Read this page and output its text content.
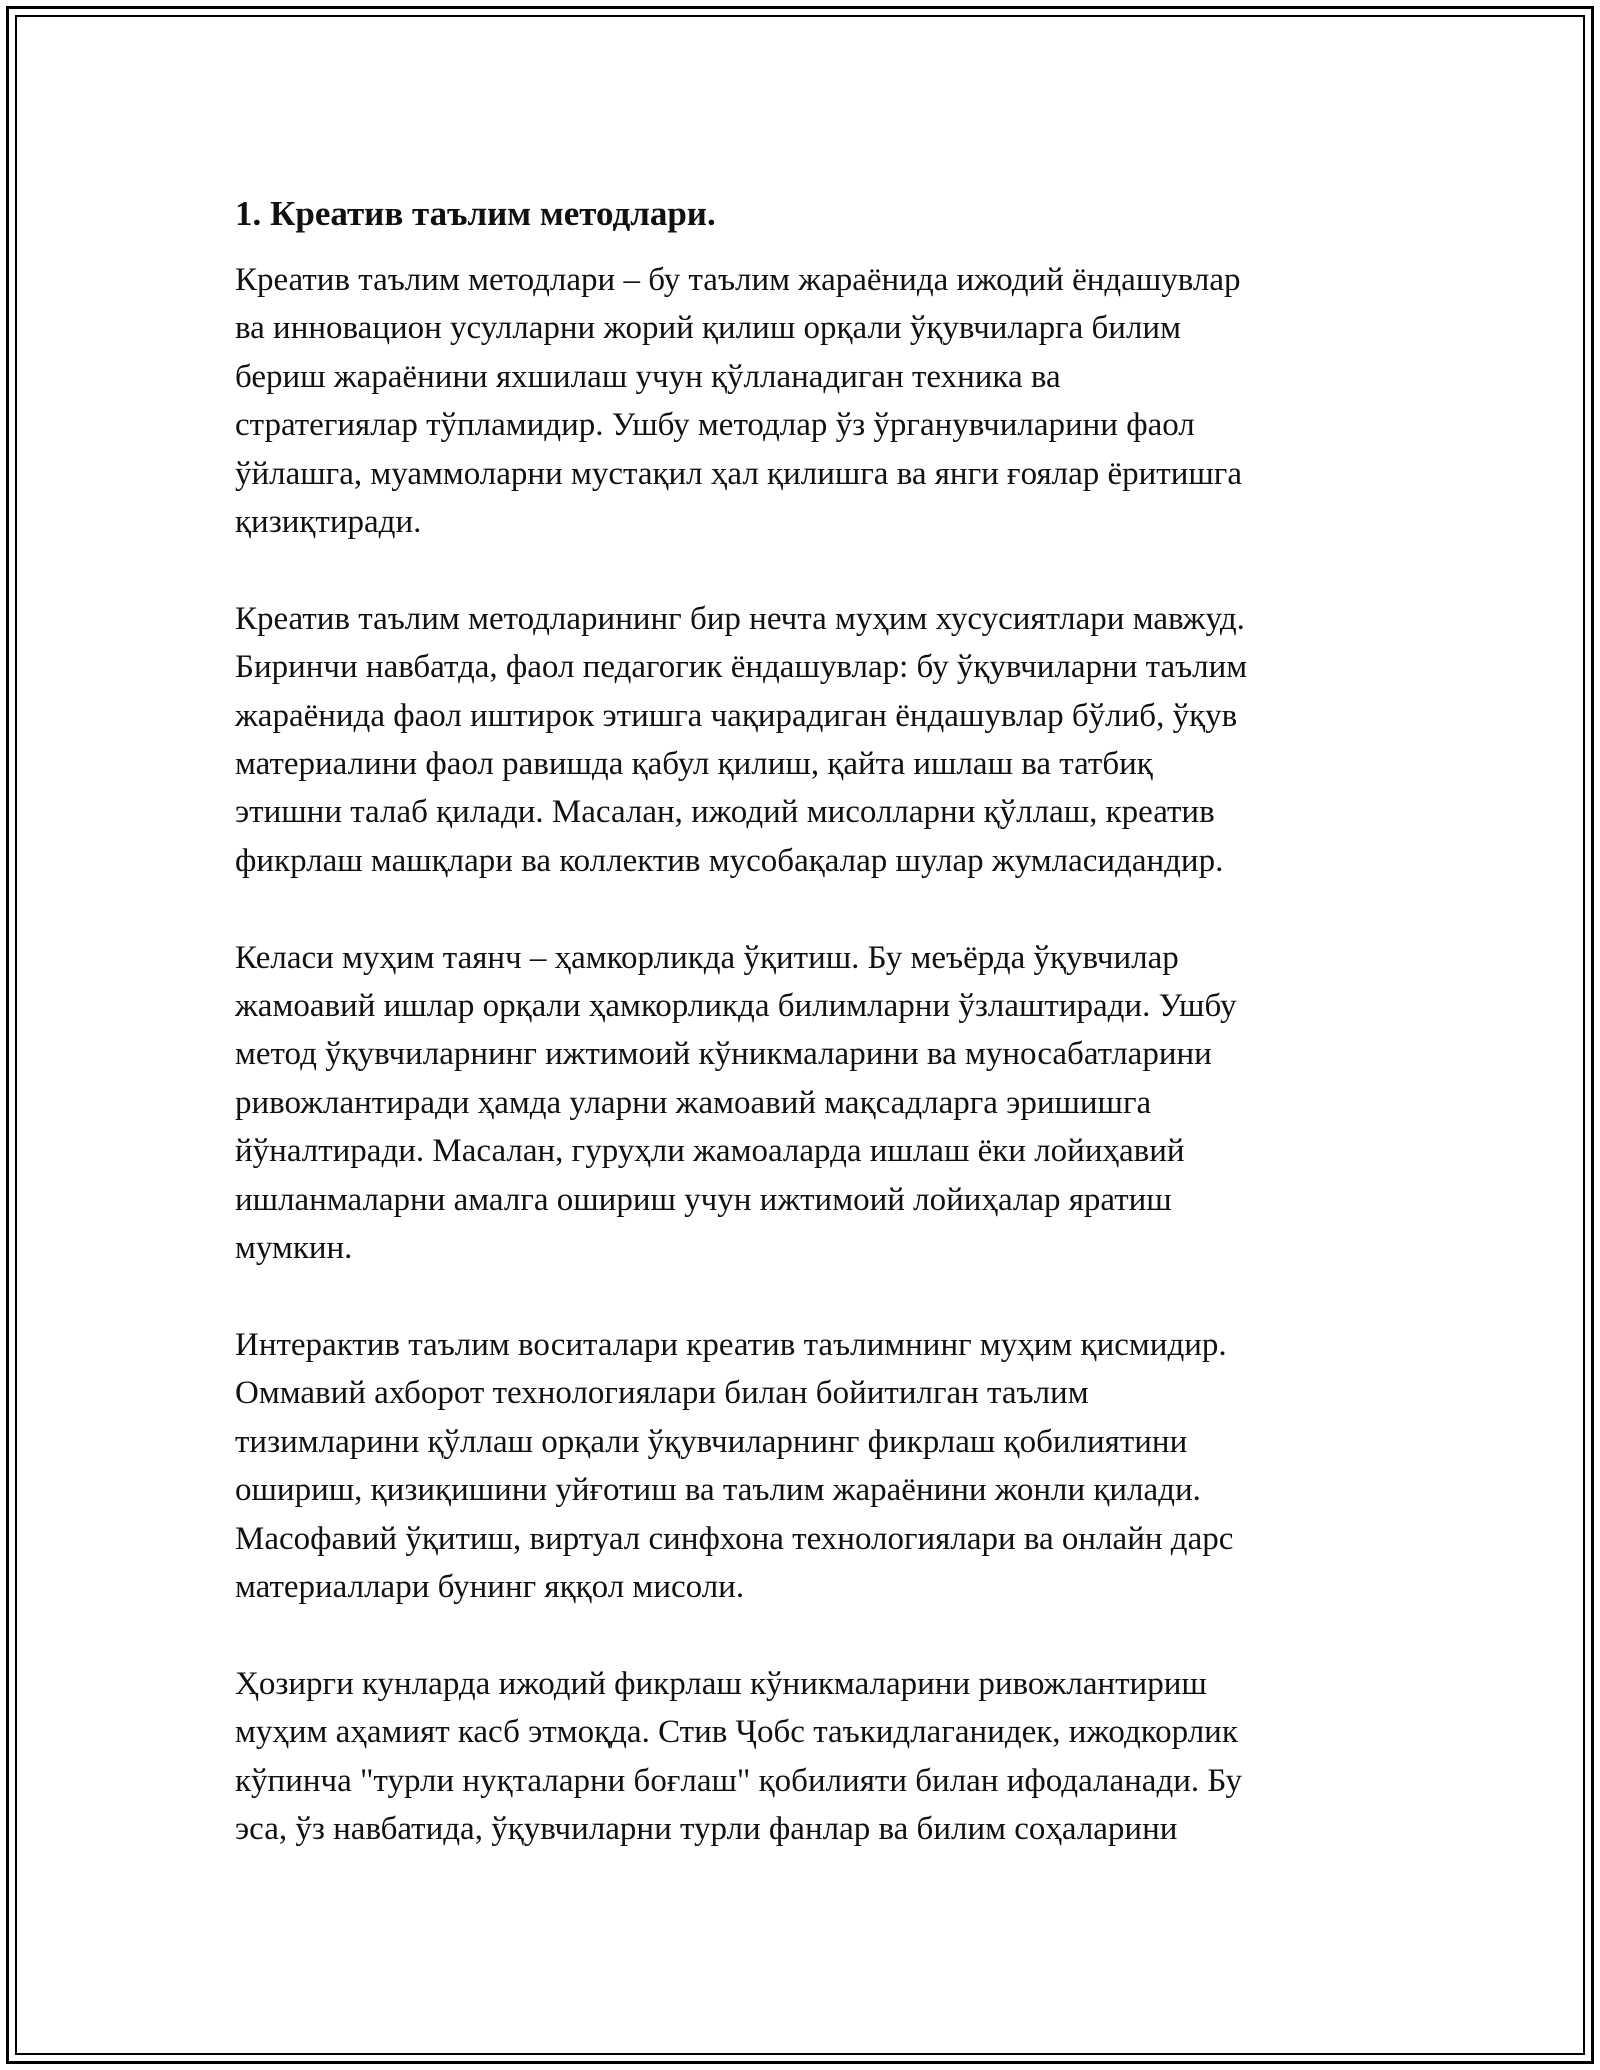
1. Креатив таълим методлари.

Креатив таълим методлари – бу таълим жараёнида ижодий ёндашувлар
ва инновацион усулларни жорий қилиш орқали ўқувчиларга билим
бериш жараёнини яхшилаш учун қўлланадиган техника ва
стратегиялар тўпламидир. Ушбу методлар ўз ўрганувчиларини фаол
ўйлашга, муаммоларни мустақил ҳал қилишга ва янги ғоялар ёритишга
қизиқтиради.

Креатив таълим методларининг бир нечта муҳим хусусиятлари мавжуд.
Биринчи навбатда, фаол педагогик ёндашувлар: бу ўқувчиларни таълим
жараёнида фаол иштирок этишга чақирадиган ёндашувлар бўлиб, ўқув
материалини фаол равишда қабул қилиш, қайта ишлаш ва татбиқ
этишни талаб қилади. Масалан, ижодий мисолларни қўллаш, креатив
фикрлаш машқлари ва коллектив мусобақалар шулар жумласидандир.

Келаси муҳим таянч – ҳамкорликда ўқитиш. Бу меъёрда ўқувчилар
жамоавий ишлар орқали ҳамкорликда билимларни ўзлаштиради. Ушбу
метод ўқувчиларнинг ижтимоий кўникмаларини ва муносабатларини
ривожлантиради ҳамда уларни жамоавий мақсадларга эришишга
йўналтиради. Масалан, гуруҳли жамоаларда ишлаш ёки лойиҳавий
ишланмаларни амалга ошириш учун ижтимоий лойиҳалар яратиш
мумкин.

Интерактив таълим воситалари креатив таълимнинг муҳим қисмидир.
Оммавий ахборот технологиялари билан бойитилган таълим
тизимларини қўллаш орқали ўқувчиларнинг фикрлаш қобилиятини
ошириш, қизиқишини уйғотиш ва таълим жараёнини жонли қилади.
Масофавий ўқитиш, виртуал синфхона технологиялари ва онлайн дарс
материаллари бунинг яққол мисоли.

Ҳозирги кунларда ижодий фикрлаш кўникмаларини ривожлантириш
муҳим аҳамият касб этмоқда. Стив Ҷобс таъкидлаганидек, ижодкорлик
кўпинча "турли нуқталарни боғлаш" қобилияти билан ифодаланади. Бу
эса, ўз навбатида, ўқувчиларни турли фанлар ва билим соҳаларини
